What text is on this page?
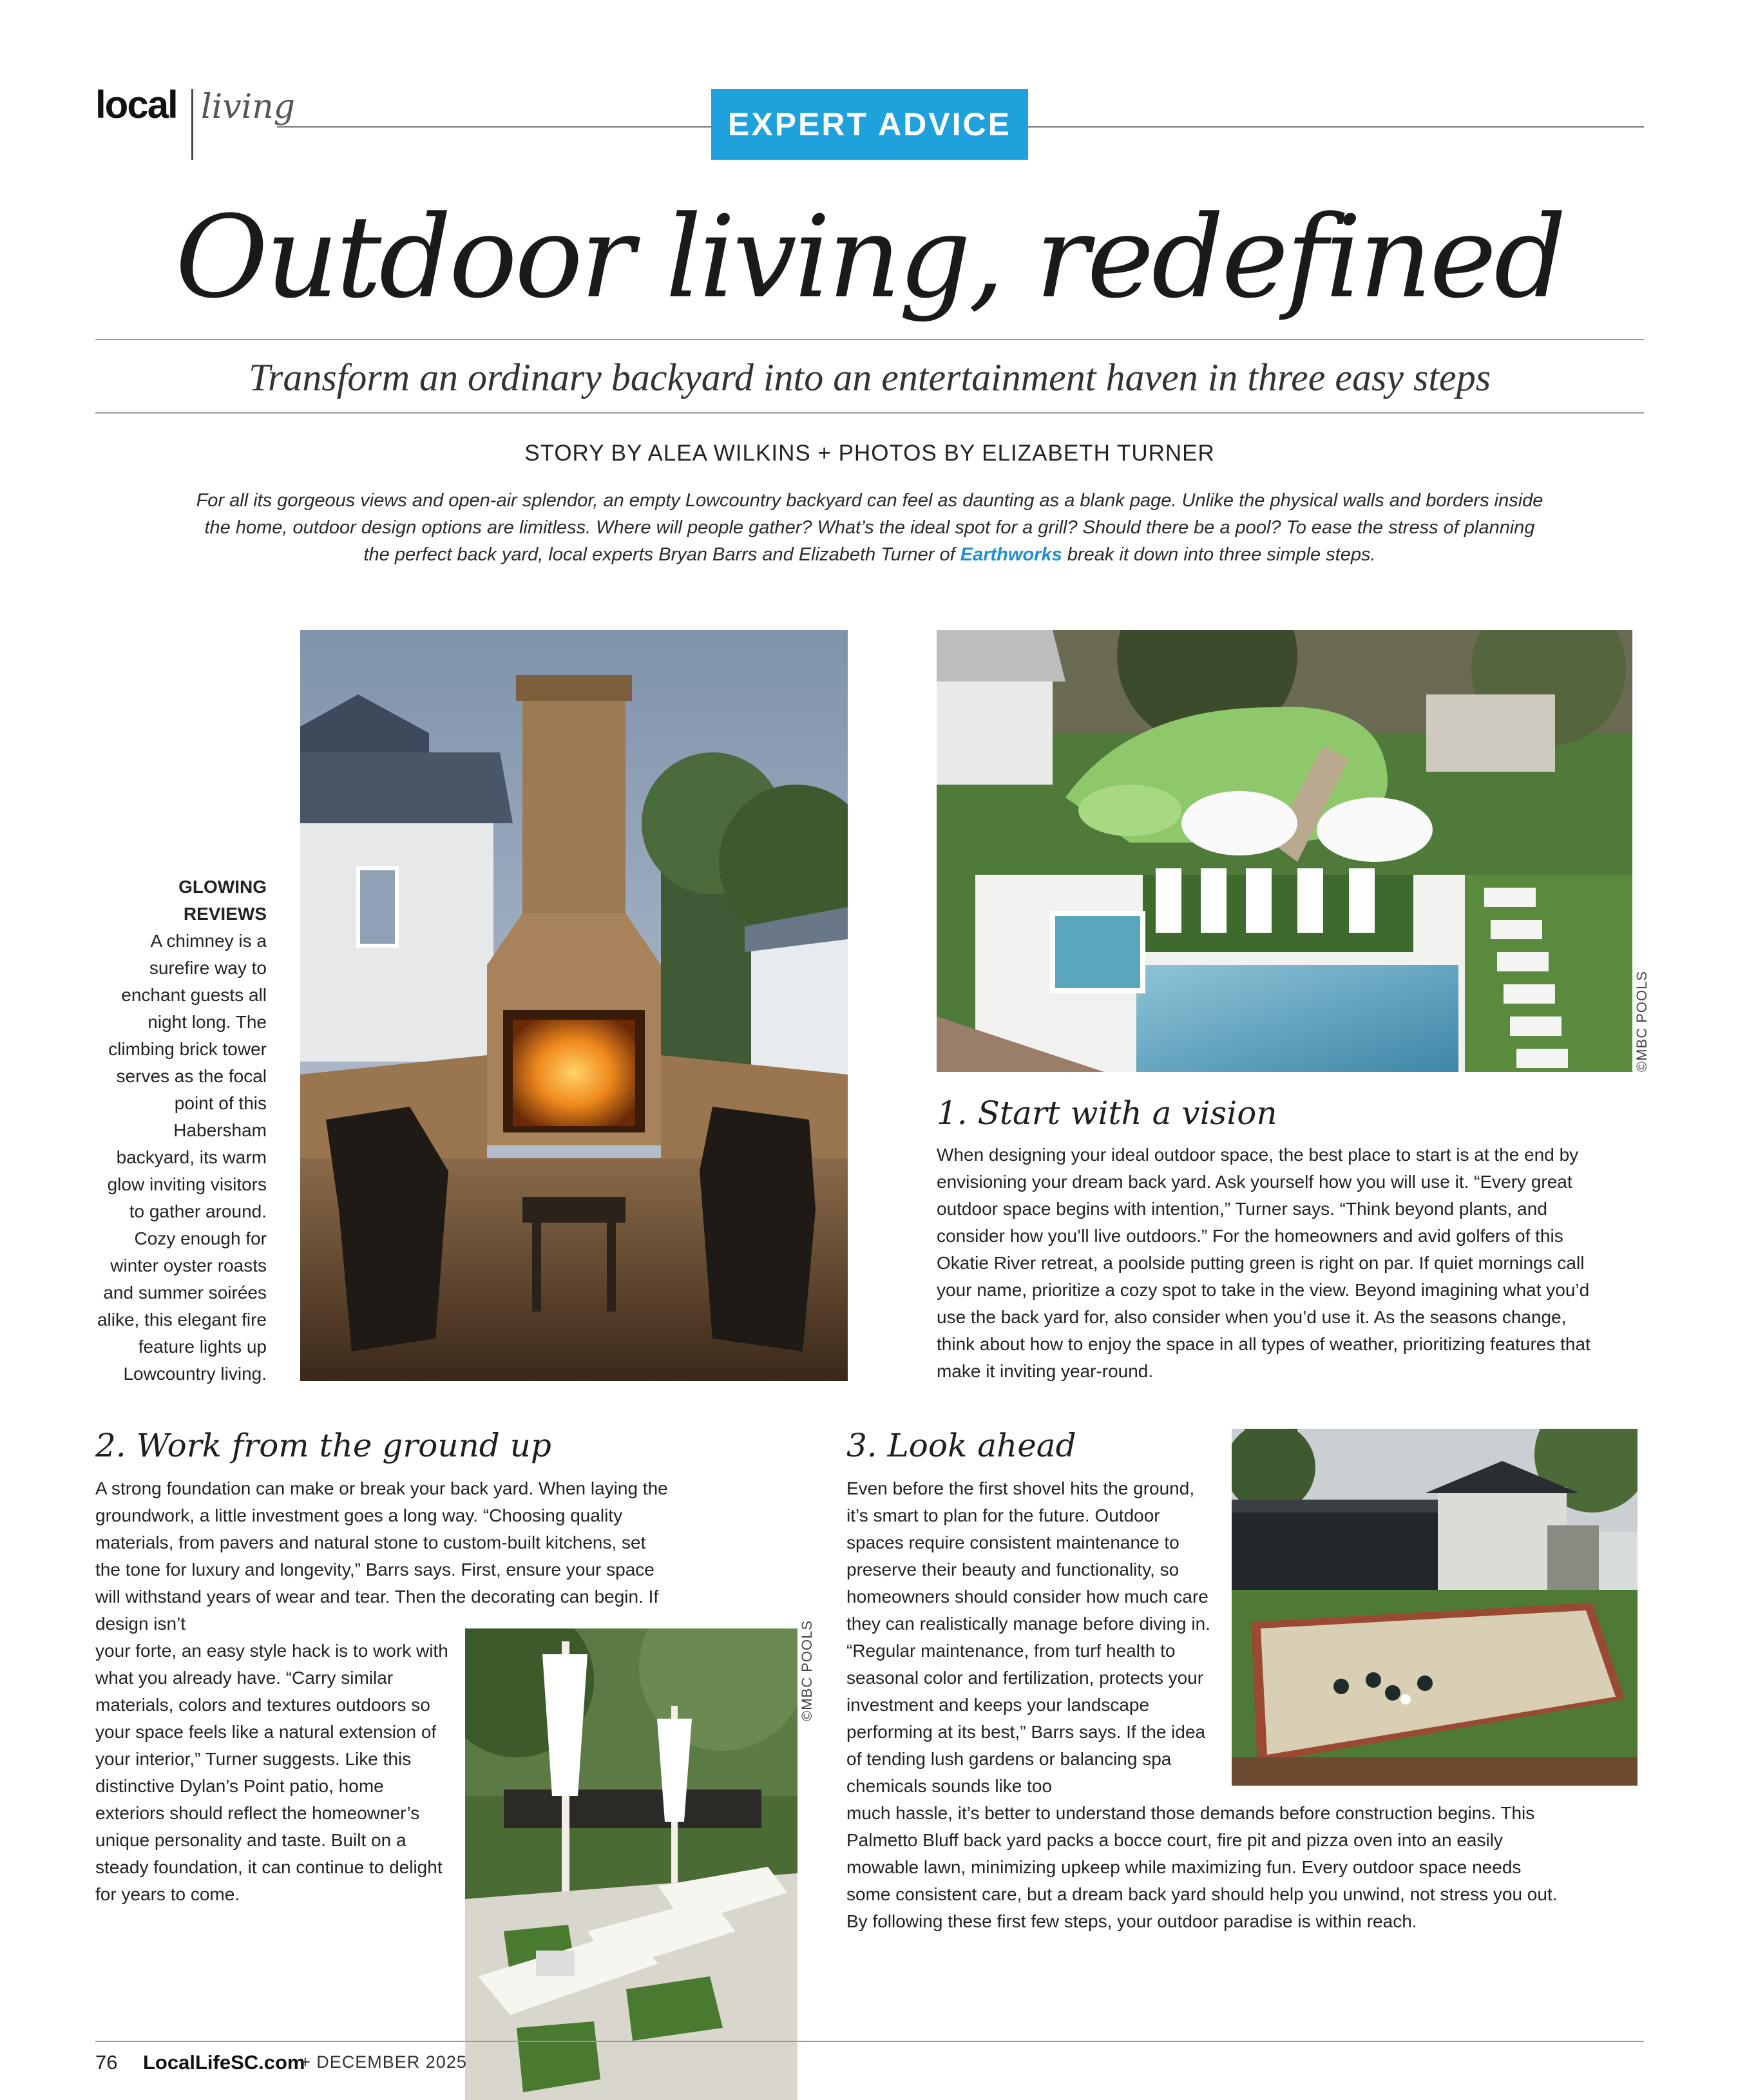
local living	EXPERT ADVICE
Outdoor living, redefined
Transform an ordinary backyard into an entertainment haven in three easy steps
STORY BY ALEA WILKINS + PHOTOS BY ELIZABETH TURNER
For all its gorgeous views and open-air splendor, an empty Lowcountry backyard can feel as daunting as a blank page. Unlike the physical walls and borders inside the home, outdoor design options are limitless. Where will people gather? What’s the ideal spot for a grill? Should there be a pool? To ease the stress of planning the perfect back yard, local experts Bryan Barrs and Elizabeth Turner of Earthworks break it down into three simple steps.
GLOWING REVIEWS
A chimney is a surefire way to enchant guests all night long. The climbing brick tower serves as the focal point of this Habersham backyard, its warm glow inviting visitors to gather around. Cozy enough for winter oyster roasts and summer soirées alike, this elegant fire feature lights up Lowcountry living.
©MBC POOLS
1. Start with a vision
When designing your ideal outdoor space, the best place to start is at the end by envisioning your dream back yard. Ask yourself how you will use it. “Every great outdoor space begins with intention,” Turner says. “Think beyond plants, and consider how you’ll live outdoors.” For the homeowners and avid golfers of this Okatie River retreat, a poolside putting green is right on par. If quiet mornings call your name, prioritize a cozy spot to take in the view. Beyond imagining what you’d use the back yard for, also consider when you’d use it. As the seasons change, think about how to enjoy the space in all types of weather, prioritizing features that make it inviting year-round.
2. Work from the ground up
A strong foundation can make or break your back yard. When laying the groundwork, a little investment goes a long way. “Choosing quality materials, from pavers and natural stone to custom-built kitchens, set the tone for luxury and longevity,” Barrs says. First, ensure your space will withstand years of wear and tear. Then the decorating can begin. If design isn’t
your forte, an easy style hack is to work with what you already have. “Carry similar materials, colors and textures outdoors so your space feels like a natural extension of your interior,” Turner suggests. Like this distinctive Dylan’s Point patio, home exteriors should reflect the homeowner’s unique personality and taste. Built on a steady foundation, it can continue to delight for years to come.
©MBC POOLS
3. Look ahead
Even before the first shovel hits the ground, it’s smart to plan for the future. Outdoor spaces require consistent maintenance to preserve their beauty and functionality, so homeowners should consider how much care they can realistically manage before diving in. “Regular maintenance, from turf health to seasonal color and fertilization, protects your investment and keeps your landscape performing at its best,” Barrs says. If the idea of tending lush gardens or balancing spa chemicals sounds like too
much hassle, it’s better to understand those demands before construction begins. This Palmetto Bluff back yard packs a bocce court, fire pit and pizza oven into an easily mowable lawn, minimizing upkeep while maximizing fun. Every outdoor space needs some consistent care, but a dream back yard should help you unwind, not stress you out. By following these first few steps, your outdoor paradise is within reach.
76 LocalLifeSC.com
+ DECEMBER 2025
